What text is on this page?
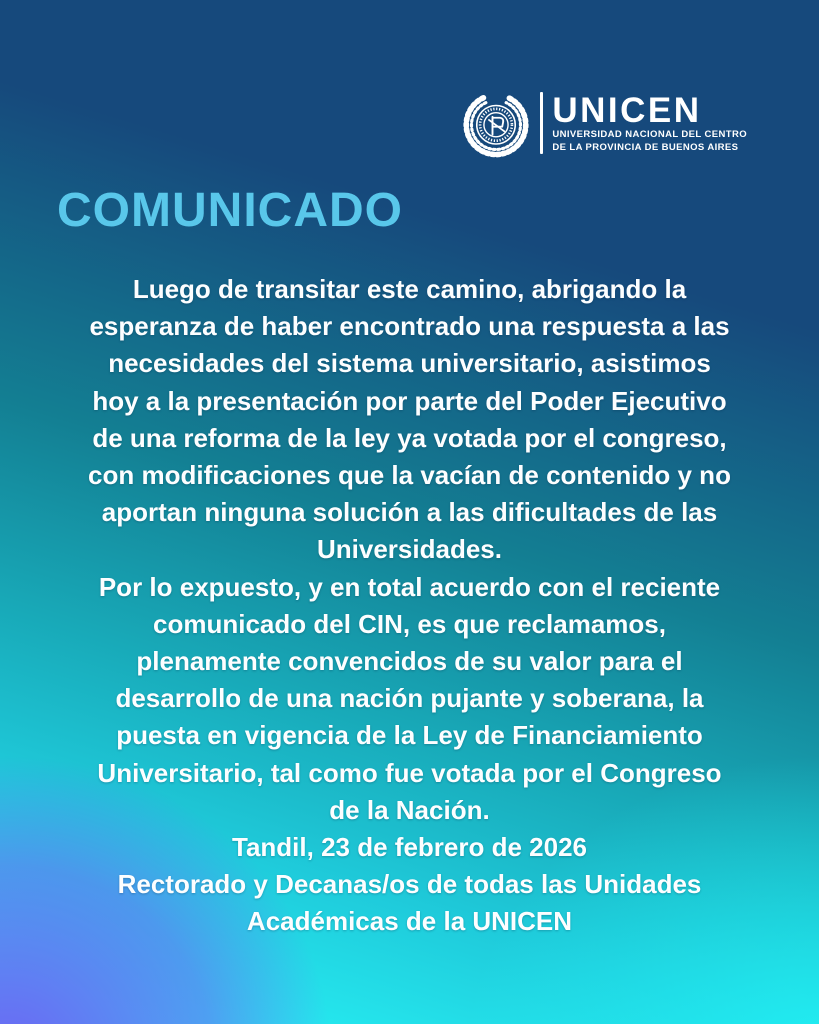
UNICEN
UNIVERSIDAD NACIONAL DEL CENTRO
DE LA PROVINCIA DE BUENOS AIRES
COMUNICADO
Luego de transitar este camino, abrigando la
esperanza de haber encontrado una respuesta a las
necesidades del sistema universitario, asistimos
hoy a la presentación por parte del Poder Ejecutivo
de una reforma de la ley ya votada por el congreso,
con modificaciones que la vacían de contenido y no
aportan ninguna solución a las dificultades de las
Universidades.
Por lo expuesto, y en total acuerdo con el reciente
comunicado del CIN, es que reclamamos,
plenamente convencidos de su valor para el
desarrollo de una nación pujante y soberana, la
puesta en vigencia de la Ley de Financiamiento
Universitario, tal como fue votada por el Congreso
de la Nación.
Tandil, 23 de febrero de 2026
Rectorado y Decanas/os de todas las Unidades
Académicas de la UNICEN
